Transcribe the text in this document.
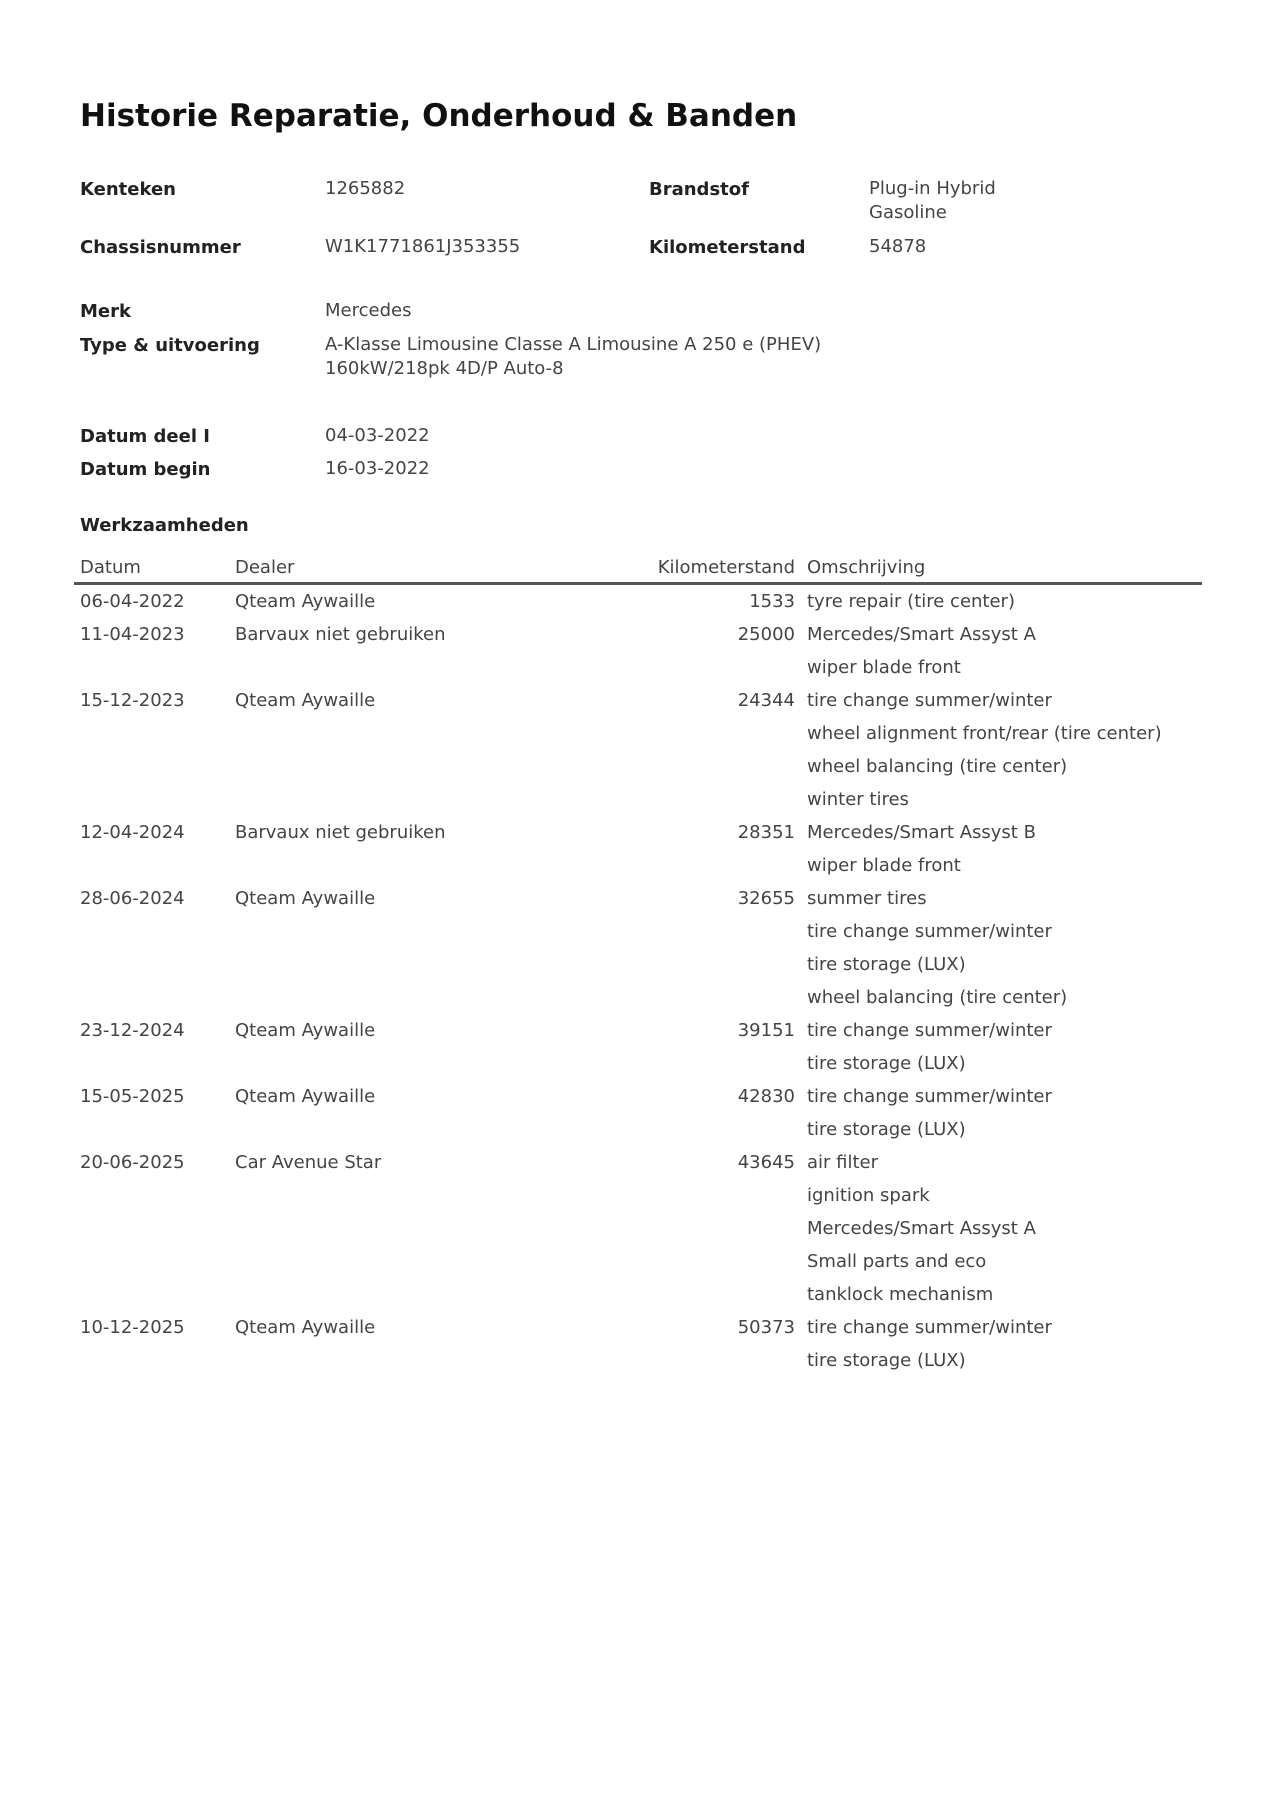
Historie Reparatie, Onderhoud & Banden
Kenteken	1265882	Brandstof	Plug-in Hybrid
Gasoline
Chassisnummer	W1K1771861J353355	Kilometerstand	54878
Merk	Mercedes
Type & uitvoering	A-Klasse Limousine Classe A Limousine A 250 e (PHEV)
160kW/218pk 4D/P Auto-8
Datum deel I	04-03-2022
Datum begin	16-03-2022
Werkzaamheden
Datum	Dealer	Kilometerstand	Omschrijving
06-04-2022	Qteam Aywaille	1533	tyre repair (tire center)

11-04-2023	Barvaux niet gebruiken	25000	Mercedes/Smart Assyst A
wiper blade front

15-12-2023	Qteam Aywaille	24344	tire change summer/winter
wheel alignment front/rear (tire center)
wheel balancing (tire center)
winter tires

12-04-2024	Barvaux niet gebruiken	28351	Mercedes/Smart Assyst B
wiper blade front

28-06-2024	Qteam Aywaille	32655	summer tires
tire change summer/winter
tire storage (LUX)
wheel balancing (tire center)

23-12-2024	Qteam Aywaille	39151	tire change summer/winter
tire storage (LUX)

15-05-2025	Qteam Aywaille	42830	tire change summer/winter
tire storage (LUX)

20-06-2025	Car Avenue Star	43645	air filter
ignition spark
Mercedes/Smart Assyst A
Small parts and eco
tanklock mechanism

10-12-2025	Qteam Aywaille	50373	tire change summer/winter
tire storage (LUX)
